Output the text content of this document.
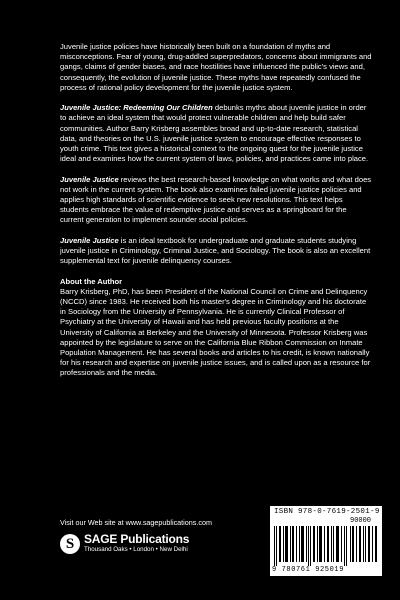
Juvenile justice policies have historically been built on a foundation of myths and misconceptions. Fear of young, drug-addled superpredators, concerns about immigrants and gangs, claims of gender biases, and race hostilities have influenced the public's views and, consequently, the evolution of juvenile justice. These myths have repeatedly confused the process of rational policy development for the juvenile justice system.

Juvenile Justice: Redeeming Our Children debunks myths about juvenile justice in order to achieve an ideal system that would protect vulnerable children and help build safer communities. Author Barry Krisberg assembles broad and up-to-date research, statistical data, and theories on the U.S. juvenile justice system to encourage effective responses to youth crime. This text gives a historical context to the ongoing quest for the juvenile justice ideal and examines how the current system of laws, policies, and practices came into place.

Juvenile Justice reviews the best research-based knowledge on what works and what does not work in the current system. The book also examines failed juvenile justice policies and applies high standards of scientific evidence to seek new resolutions. This text helps students embrace the value of redemptive justice and serves as a springboard for the current generation to implement sounder social policies.

Juvenile Justice is an ideal textbook for undergraduate and graduate students studying juvenile justice in Criminology, Criminal Justice, and Sociology. The book is also an excellent supplemental text for juvenile delinquency courses.

About the Author

Barry Krisberg, PhD, has been President of the National Council on Crime and Delinquency (NCCD) since 1983. He received both his master's degree in Criminology and his doctorate in Sociology from the University of Pennsylvania. He is currently Clinical Professor of Psychiatry at the University of Hawaii and has held previous faculty positions at the University of California at Berkeley and the University of Minnesota. Professor Krisberg was appointed by the legislature to serve on the California Blue Ribbon Commission on Inmate Population Management. He has several books and articles to his credit, is known nationally for his research and expertise on juvenile justice issues, and is called upon as a resource for professionals and the media.

Visit our Web site at www.sagepublications.com
S SAGE Publications
Thousand Oaks • London • New Delhi
ISBN 978-0-7619-2501-9
90000
9 780761 925019
